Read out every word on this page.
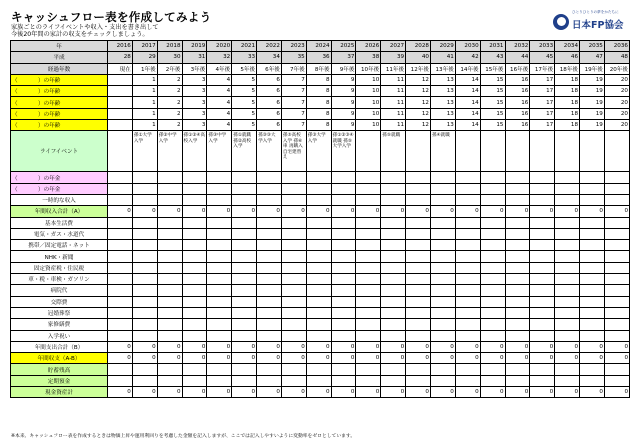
キャッシュフロー表を作成してみよう
家族ごとのライフイベントや収入・支出を書き出して
今後20年間の家計の収支をチェックしましょう。
ひとりひとりの夢をかたちに
日本FP協会
年	2016	2017	2018	2019	2020	2021	2022	2023	2024	2025	2026	2027	2028	2029	2030	2031	2032	2033	2034	2035	2036
平成	28	29	30	31	32	33	34	35	36	37	38	39	40	41	42	43	44	45	46	47	48
経過年数	現在	1年後	2年後	3年後	4年後	5年後	6年後	7年後	8年後	9年後	10年後	11年後	12年後	13年後	14年後	15年後	16年後	17年後	18年後	19年後	20年後
（ ）の年齢		1	2	3	4	5	6	7	8	9	10	11	12	13	14	15	16	17	18	19	20
（ ）の年齢		1	2	3	4	5	6	7	8	9	10	11	12	13	14	15	16	17	18	19	20
（ ）の年齢		1	2	3	4	5	6	7	8	9	10	11	12	13	14	15	16	17	18	19	20
（ ）の年齢		1	2	3	4	5	6	7	8	9	10	11	12	13	14	15	16	17	18	19	20
（ ）の年齢		1	2	3	4	5	6	7	8	9	10	11	12	13	14	15	16	17	18	19	20
ライフイベント		孫①大学入学	孫②中学入学	孫①②④高校入学	孫③中学入学	孫①就職 孫②高校入学	孫③③大学入学	孫⑤高校入学 孫⑥車 再購入 自宅建替え	孫③大学入学	孫①②③④就職 孫⑤大学入学		孫⑤就職		孫④就職							
（ ）の年金																					
（ ）の年金																					
一時的な収入																					
年間収入合計（A）	0	0	0	0	0	0	0	0	0	0	0	0	0	0	0	0	0	0	0	0	0
基本生活費																					
電気・ガス・水道代																					
携帯／固定電話・ネット																					
NHK・新聞																					
固定資産税・住民税																					
車・税・車検・ガソリン																					
病院代																					
交際費																					
冠婚葬祭																					
家修繕費																					
入学祝い																					
年間支出合計（B）	0	0	0	0	0	0	0	0	0	0	0	0	0	0	0	0	0	0	0	0	0
年間収支（A-B）	0	0	0	0	0	0	0	0	0	0	0	0	0	0	0	0	0	0	0	0	0
貯蓄残高																					
定期預金																					
現金資産計	0	0	0	0	0	0	0	0	0	0	0	0	0	0	0	0	0	0	0	0	0
※本来、キャッシュフロー表を作成するときは物価上昇や運用利回りを考慮した金額を記入しますが、ここでは記入しやすいように変動率をゼロとしています。
